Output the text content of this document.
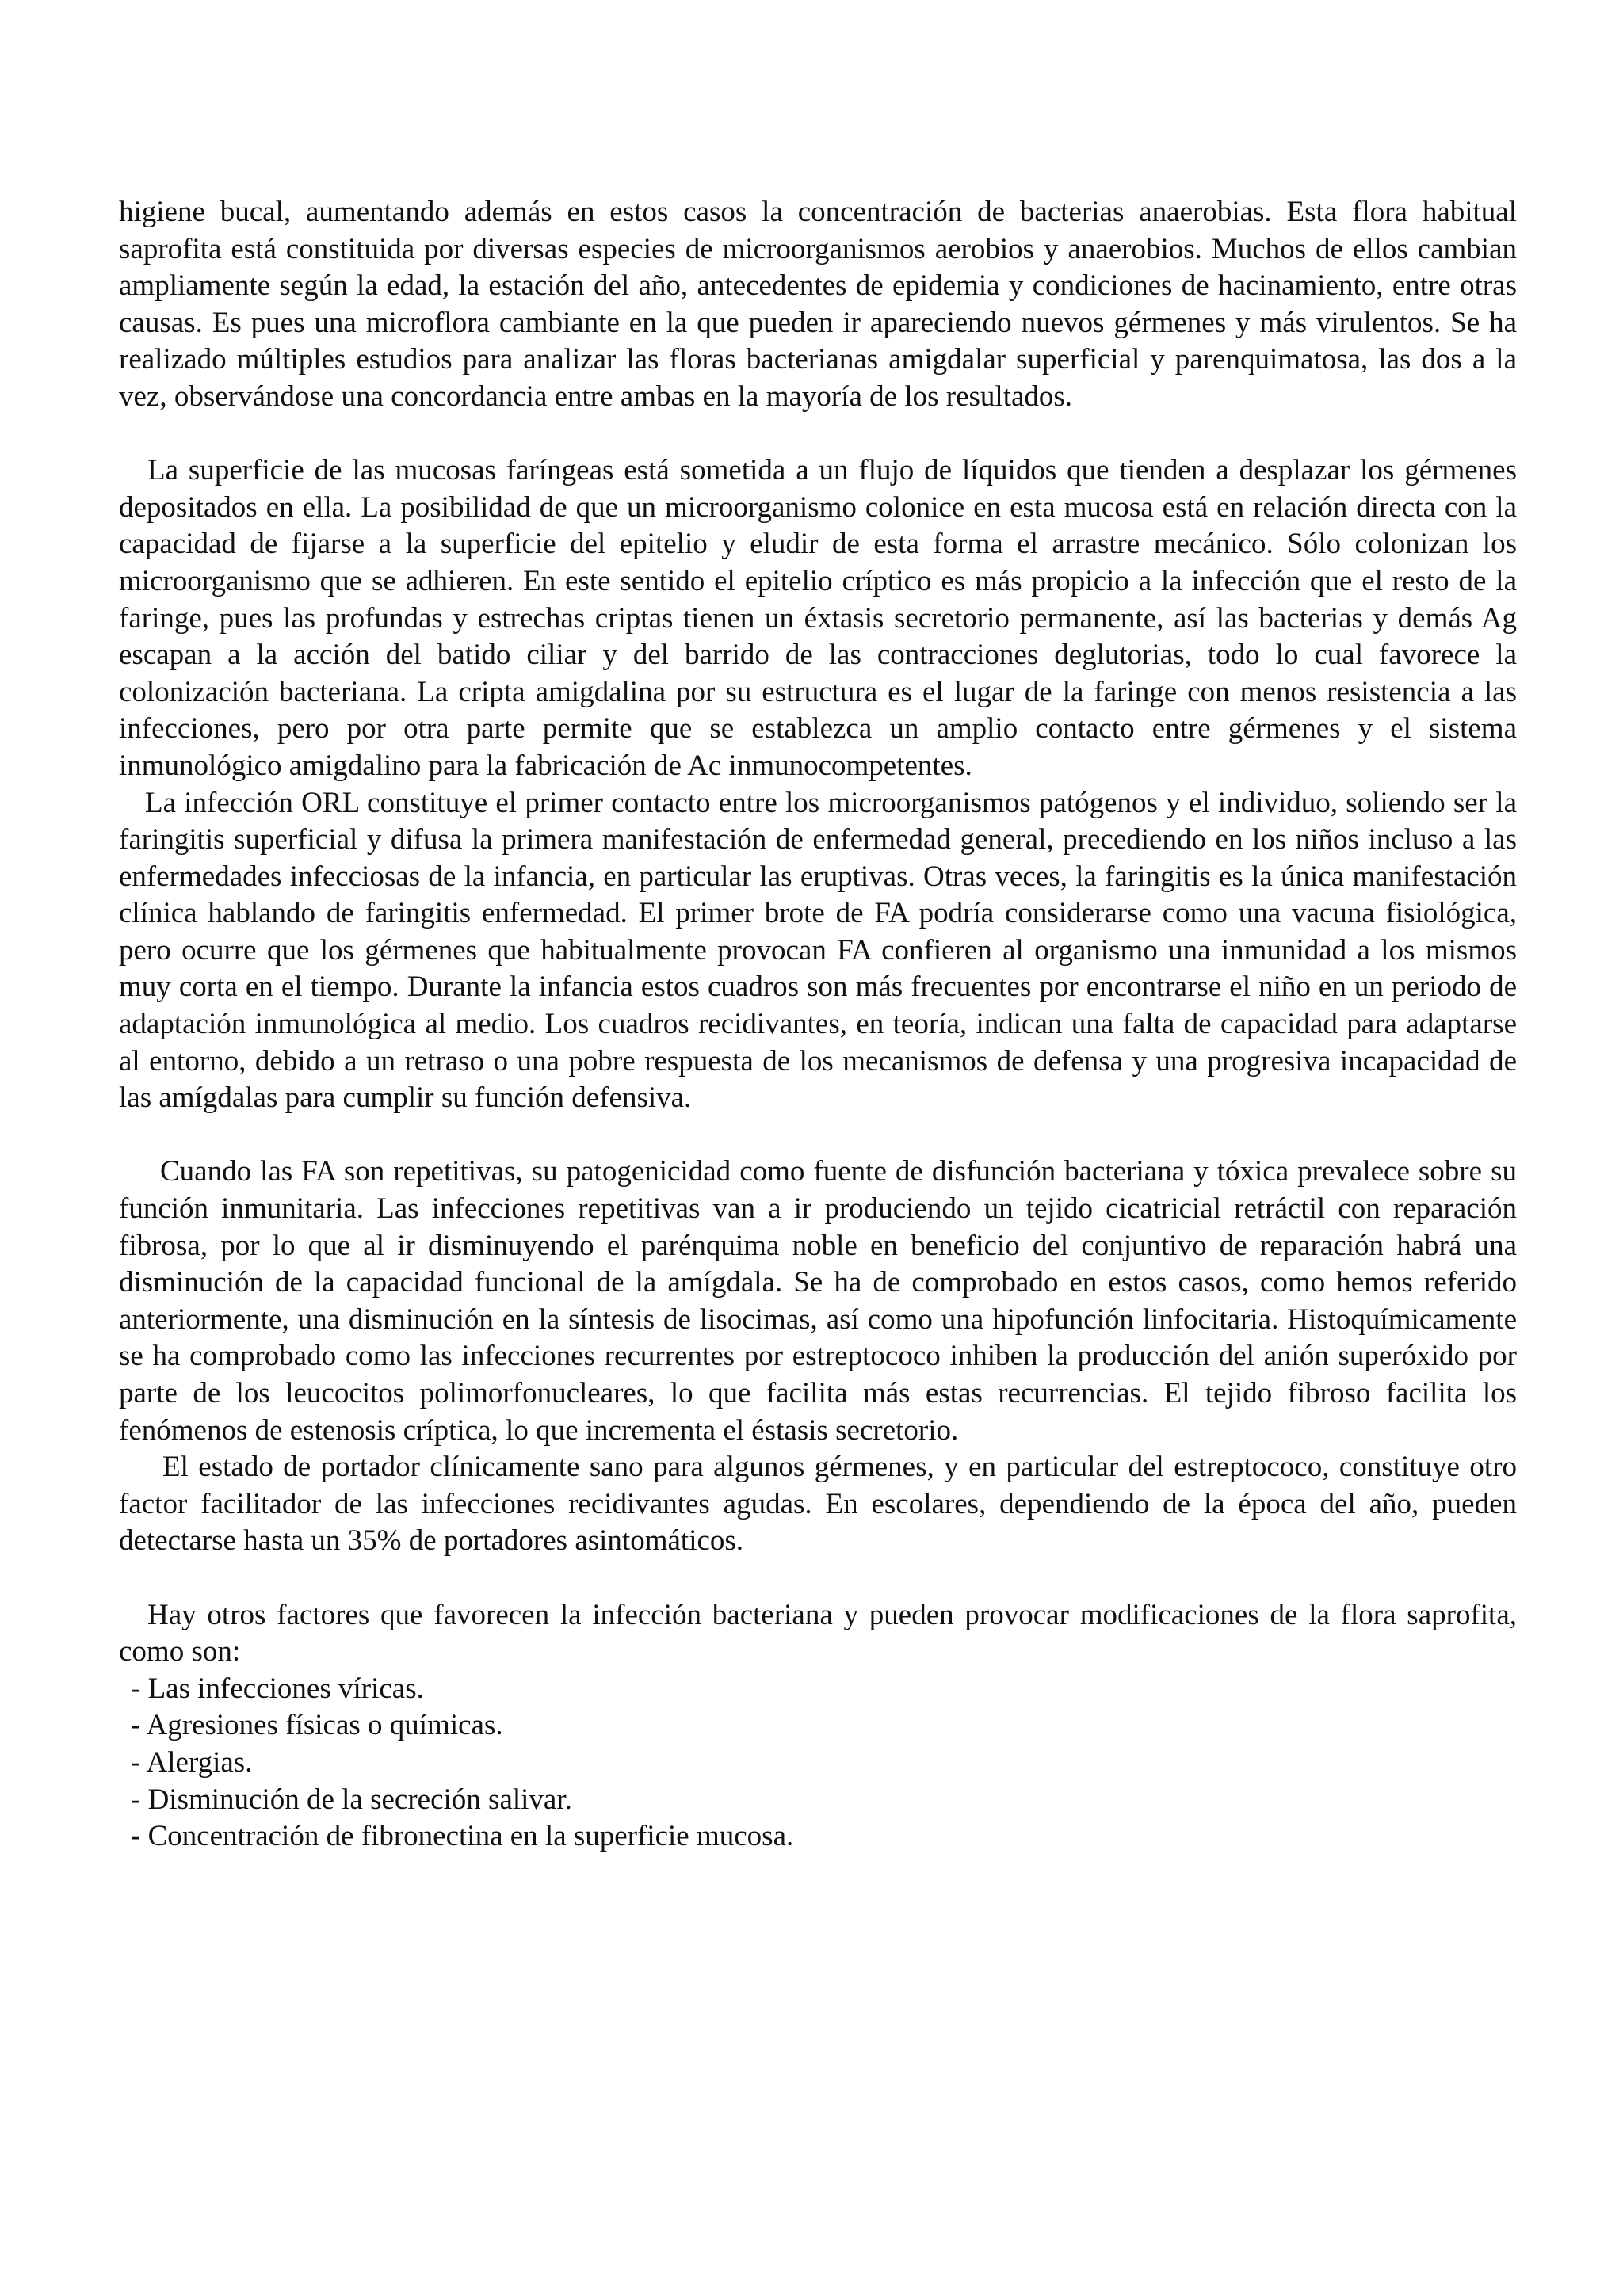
higiene bucal, aumentando además en estos casos la concentración de bacterias anaerobias. Esta flora habitual saprofita está constituida por diversas especies de microorganismos aerobios y anaerobios. Muchos de ellos cambian ampliamente según la edad, la estación del año, antecedentes de epidemia y condiciones de hacinamiento, entre otras causas. Es pues una microflora cambiante en la que pueden ir apareciendo nuevos gérmenes y más virulentos. Se ha realizado múltiples estudios para analizar las floras bacterianas amigdalar superficial y parenquimatosa, las dos a la vez, observándose una concordancia entre ambas en la mayoría de los resultados.

La superficie de las mucosas faríngeas está sometida a un flujo de líquidos que tienden a desplazar los gérmenes depositados en ella. La posibilidad de que un microorganismo colonice en esta mucosa está en relación directa con la capacidad de fijarse a la superficie del epitelio y eludir de esta forma el arrastre mecánico. Sólo colonizan los microorganismo que se adhieren. En este sentido el epitelio críptico es más propicio a la infección que el resto de la faringe, pues las profundas y estrechas criptas tienen un éxtasis secretorio permanente, así las bacterias y demás Ag escapan a la acción del batido ciliar y del barrido de las contracciones deglutorias, todo lo cual favorece la colonización bacteriana. La cripta amigdalina por su estructura es el lugar de la faringe con menos resistencia a las infecciones, pero por otra parte permite que se establezca un amplio contacto entre gérmenes y el sistema inmunológico amigdalino para la fabricación de Ac inmunocompetentes.

La infección ORL constituye el primer contacto entre los microorganismos patógenos y el individuo, soliendo ser la faringitis superficial y difusa la primera manifestación de enfermedad general, precediendo en los niños incluso a las enfermedades infecciosas de la infancia, en particular las eruptivas. Otras veces, la faringitis es la única manifestación clínica hablando de faringitis enfermedad. El primer brote de FA podría considerarse como una vacuna fisiológica, pero ocurre que los gérmenes que habitualmente provocan FA confieren al organismo una inmunidad a los mismos muy corta en el tiempo. Durante la infancia estos cuadros son más frecuentes por encontrarse el niño en un periodo de adaptación inmunológica al medio. Los cuadros recidivantes, en teoría, indican una falta de capacidad para adaptarse al entorno, debido a un retraso o una pobre respuesta de los mecanismos de defensa y una progresiva incapacidad de las amígdalas para cumplir su función defensiva.

Cuando las FA son repetitivas, su patogenicidad como fuente de disfunción bacteriana y tóxica prevalece sobre su función inmunitaria. Las infecciones repetitivas van a ir produciendo un tejido cicatricial retráctil con reparación fibrosa, por lo que al ir disminuyendo el parénquima noble en beneficio del conjuntivo de reparación habrá una disminución de la capacidad funcional de la amígdala. Se ha de comprobado en estos casos, como hemos referido anteriormente, una disminución en la síntesis de lisocimas, así como una hipofunción linfocitaria. Histoquímicamente se ha comprobado como las infecciones recurrentes por estreptococo inhiben la producción del anión superóxido por parte de los leucocitos polimorfonucleares, lo que facilita más estas recurrencias. El tejido fibroso facilita los fenómenos de estenosis críptica, lo que incrementa el éstasis secretorio.

El estado de portador clínicamente sano para algunos gérmenes, y en particular del estreptococo, constituye otro factor facilitador de las infecciones recidivantes agudas. En escolares, dependiendo de la época del año, pueden detectarse hasta un 35% de portadores asintomáticos.

Hay otros factores que favorecen la infección bacteriana y pueden provocar modificaciones de la flora saprofita, como son:

- Las infecciones víricas.
- Agresiones físicas o químicas.
- Alergias.
- Disminución de la secreción salivar.
- Concentración de fibronectina en la superficie mucosa.
